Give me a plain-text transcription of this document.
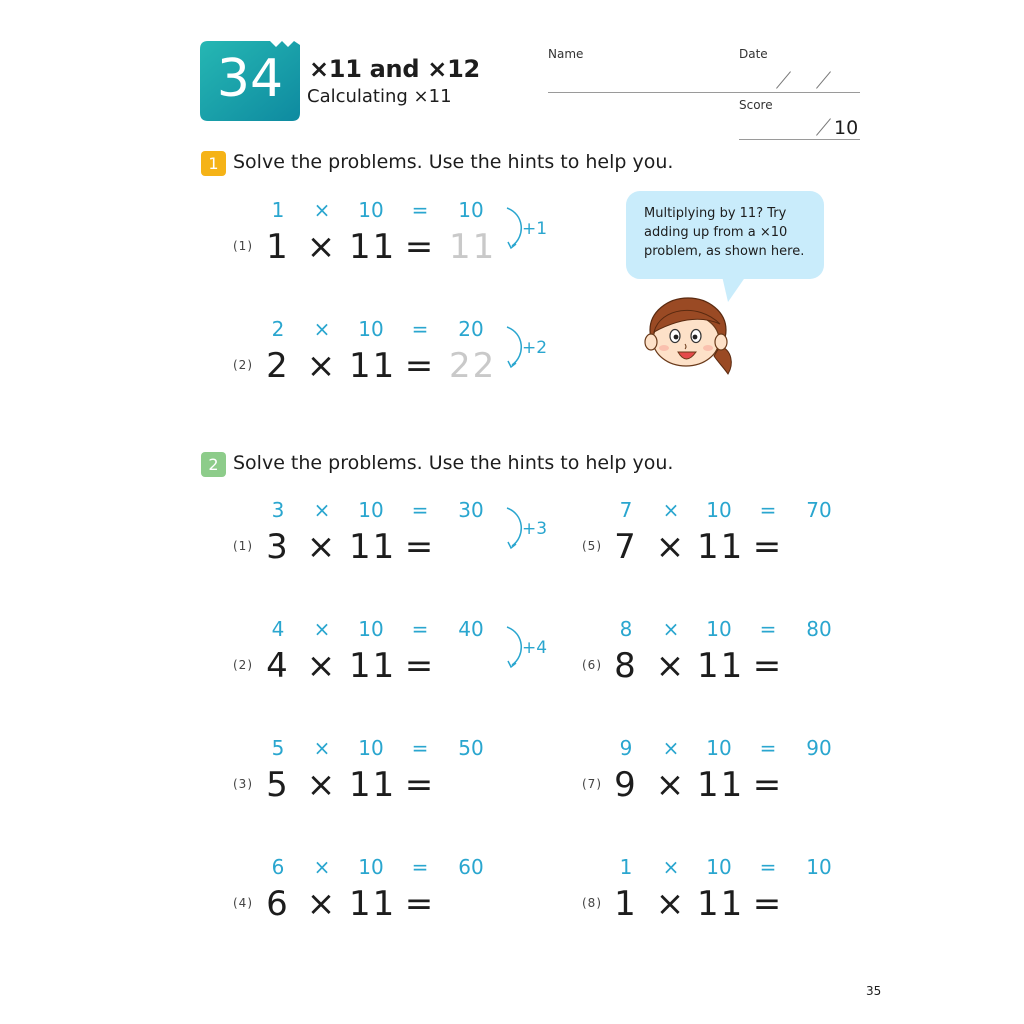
34	×11 and ×12
Calculating ×11
Name	Date
Score
10
1 Solve the problems. Use the hints to help you.
1	×	10	=	10
+1
(1) 1 × 11 = 11
2	×	10	=	20
+2
(2) 2 × 11 = 22
Multiplying by 11? Try
adding up from a ×10
problem, as shown here.
2 Solve the problems. Use the hints to help you.
3	×	10	=	30
+3
(1) 3 × 11 =
4	×	10	=	40
+4
(2) 4 × 11 =
5	×	10	=	50
(3) 5 × 11 =
6	×	10	=	60
(4) 6 × 11 =
7	×	10	=	70
(5) 7 × 11 =
8	×	10	=	80
(6) 8 × 11 =
9	×	10	=	90
(7) 9 × 11 =
1	×	10	=	10
(8) 1 × 11 =
35
